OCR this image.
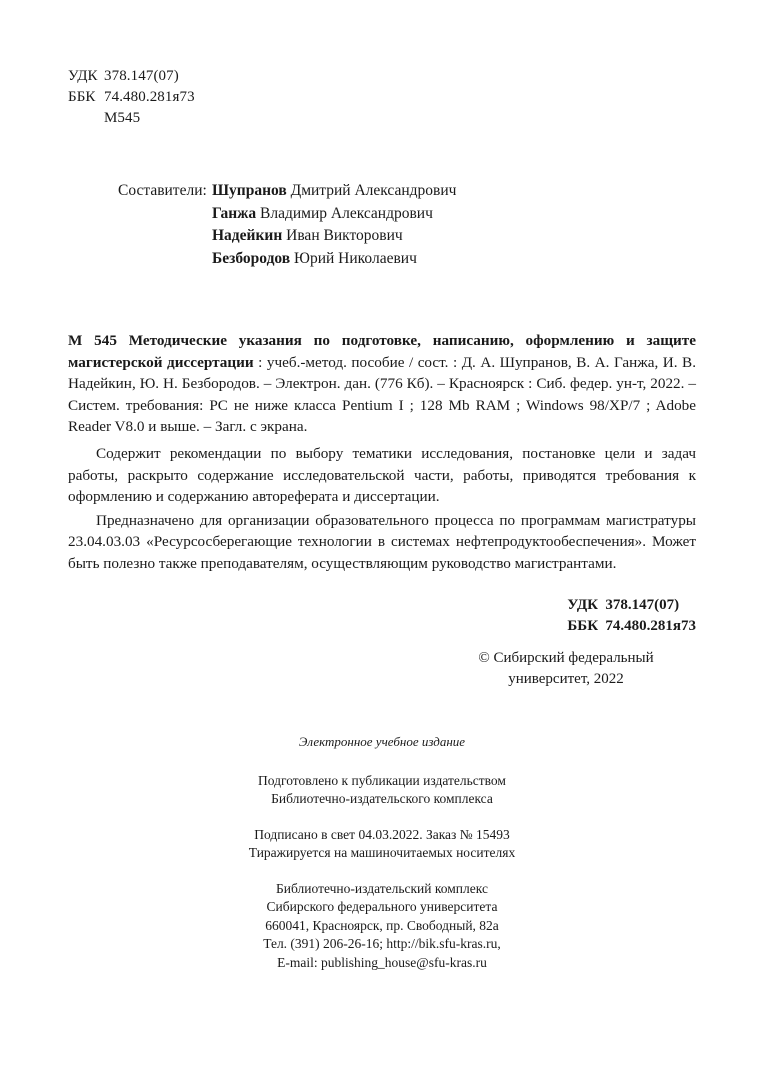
УДК 378.147(07)
ББК 74.480.281я73
М545
Составители: Шупранов Дмитрий Александрович
Ганжа Владимир Александрович
Надейкин Иван Викторович
Безбородов Юрий Николаевич

М 545 Методические указания по подготовке, написанию, оформлению и защите магистерской диссертации : учеб.-метод. пособие / сост. : Д. А. Шупранов, В. А. Ганжа, И. В. Надейкин, Ю. Н. Безбородов. – Электрон. дан. (776 Кб). – Красноярск : Сиб. федер. ун-т, 2022. – Систем. требования: PC не ниже класса Pentium I ; 128 Mb RAM ; Windows 98/XP/7 ; Adobe Reader V8.0 и выше. – Загл. с экрана.

Содержит рекомендации по выбору тематики исследования, постановке цели и задач работы, раскрыто содержание исследовательской части, работы, приводятся требования к оформлению и содержанию автореферата и диссертации.

Предназначено для организации образовательного процесса по программам магистратуры 23.04.03.03 «Ресурсосберегающие технологии в системах нефтепродуктообеспечения». Может быть полезно также преподавателям, осуществляющим руководство магистрантами.

УДК 378.147(07)
ББК 74.480.281я73
© Сибирский федеральный
университет, 2022
Электронное учебное издание
Подготовлено к публикации издательством
Библиотечно-издательского комплекса
Подписано в свет 04.03.2022. Заказ № 15493
Тиражируется на машиночитаемых носителях
Библиотечно-издательский комплекс
Сибирского федерального университета
660041, Красноярск, пр. Свободный, 82а
Тел. (391) 206-26-16; http://bik.sfu-kras.ru,
E-mail: publishing_house@sfu-kras.ru
